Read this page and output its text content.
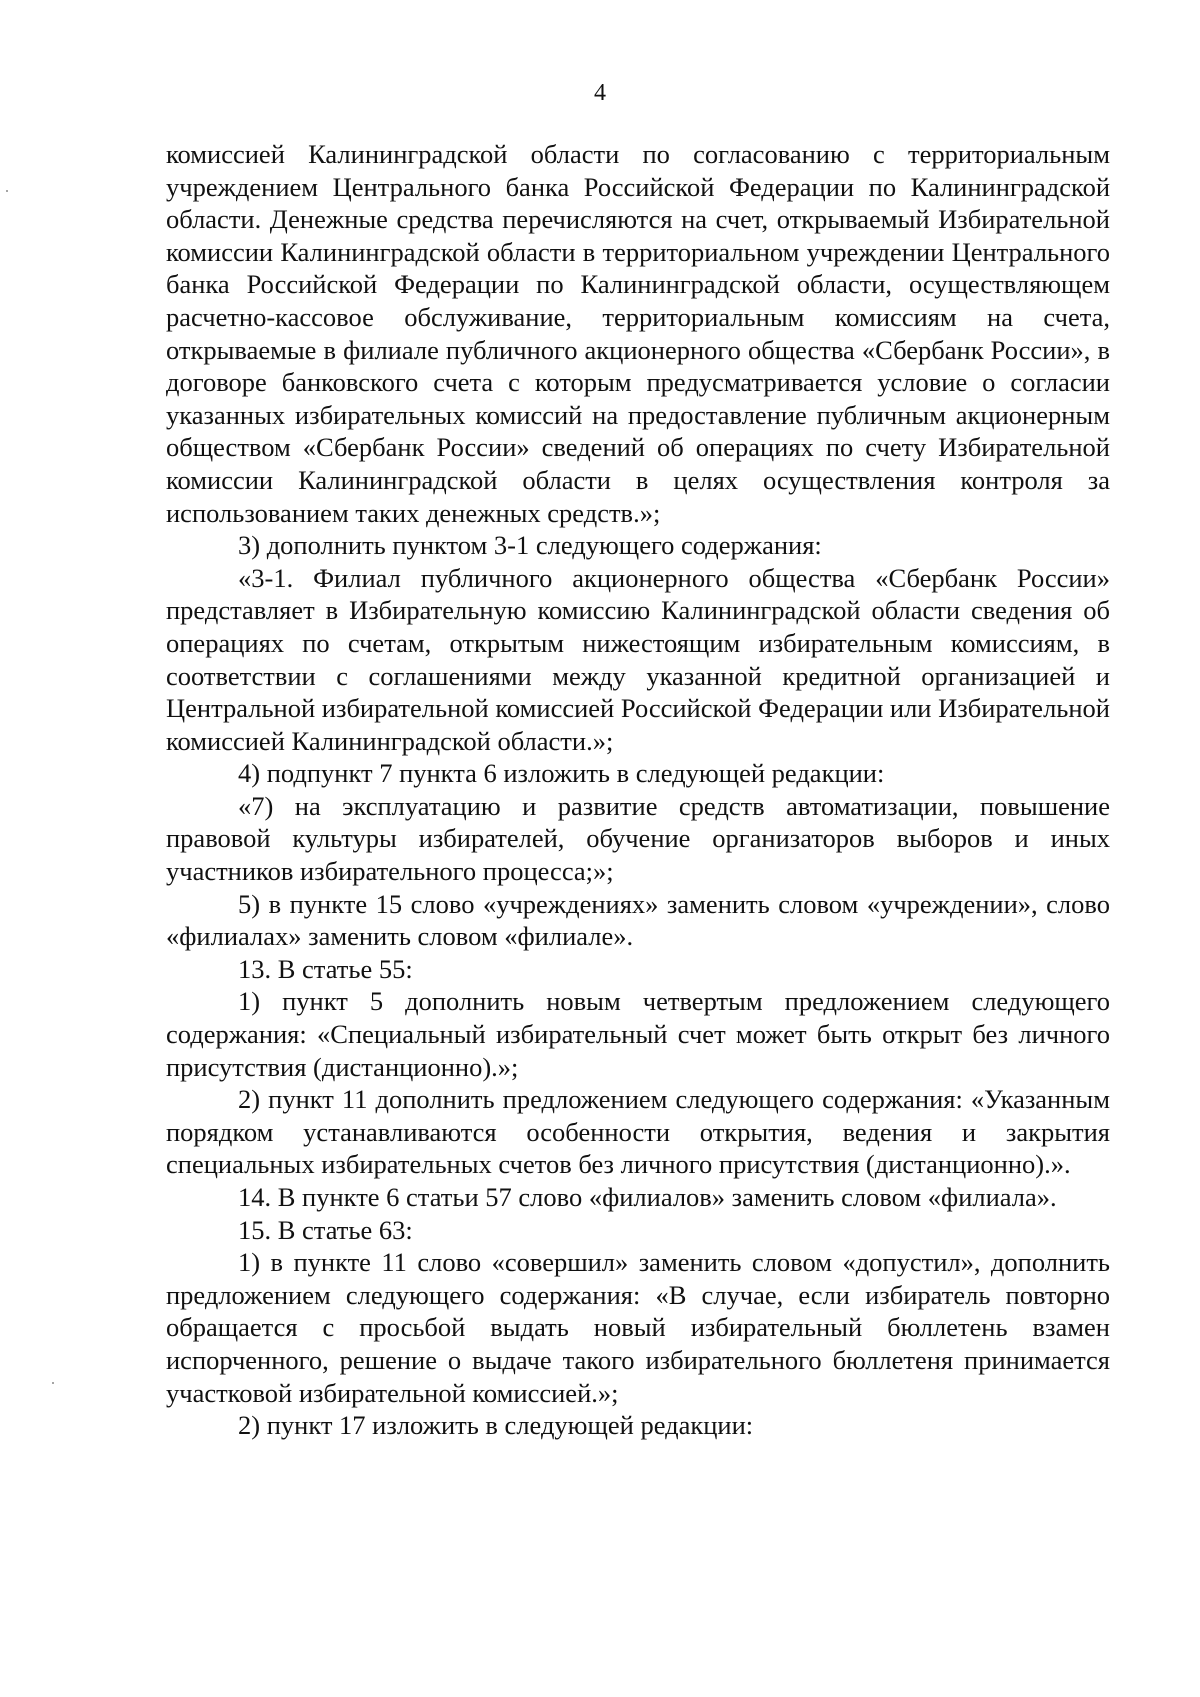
4

комиссией Калининградской области по согласованию с территориальным учреждением Центрального банка Российской Федерации по Калининградской области. Денежные средства перечисляются на счет, открываемый Избирательной комиссии Калининградской области в территориальном учреждении Центрального банка Российской Федерации по Калининградской области, осуществляющем расчетно-кассовое обслуживание, территориальным комиссиям на счета, открываемые в филиале публичного акционерного общества «Сбербанк России», в договоре банковского счета с которым предусматривается условие о согласии указанных избирательных комиссий на предоставление публичным акционерным обществом «Сбербанк России» сведений об операциях по счету Избирательной комиссии Калининградской области в целях осуществления контроля за использованием таких денежных средств.»;

3) дополнить пунктом 3-1 следующего содержания:

«3-1. Филиал публичного акционерного общества «Сбербанк России» представляет в Избирательную комиссию Калининградской области сведения об операциях по счетам, открытым нижестоящим избирательным комиссиям, в соответствии с соглашениями между указанной кредитной организацией и Центральной избирательной комиссией Российской Федерации или Избирательной комиссией Калининградской области.»;

4) подпункт 7 пункта 6 изложить в следующей редакции:

«7) на эксплуатацию и развитие средств автоматизации, повышение правовой культуры избирателей, обучение организаторов выборов и иных участников избирательного процесса;»;

5) в пункте 15 слово «учреждениях» заменить словом «учреждении», слово «филиалах» заменить словом «филиале».

13. В статье 55:

1) пункт 5 дополнить новым четвертым предложением следующего содержания: «Специальный избирательный счет может быть открыт без личного присутствия (дистанционно).»;

2) пункт 11 дополнить предложением следующего содержания: «Указанным порядком устанавливаются особенности открытия, ведения и закрытия специальных избирательных счетов без личного присутствия (дистанционно).».

14. В пункте 6 статьи 57 слово «филиалов» заменить словом «филиала».

15. В статье 63:

1) в пункте 11 слово «совершил» заменить словом «допустил», дополнить предложением следующего содержания: «В случае, если избиратель повторно обращается с просьбой выдать новый избирательный бюллетень взамен испорченного, решение о выдаче такого избирательного бюллетеня принимается участковой избирательной комиссией.»;

2) пункт 17 изложить в следующей редакции:
